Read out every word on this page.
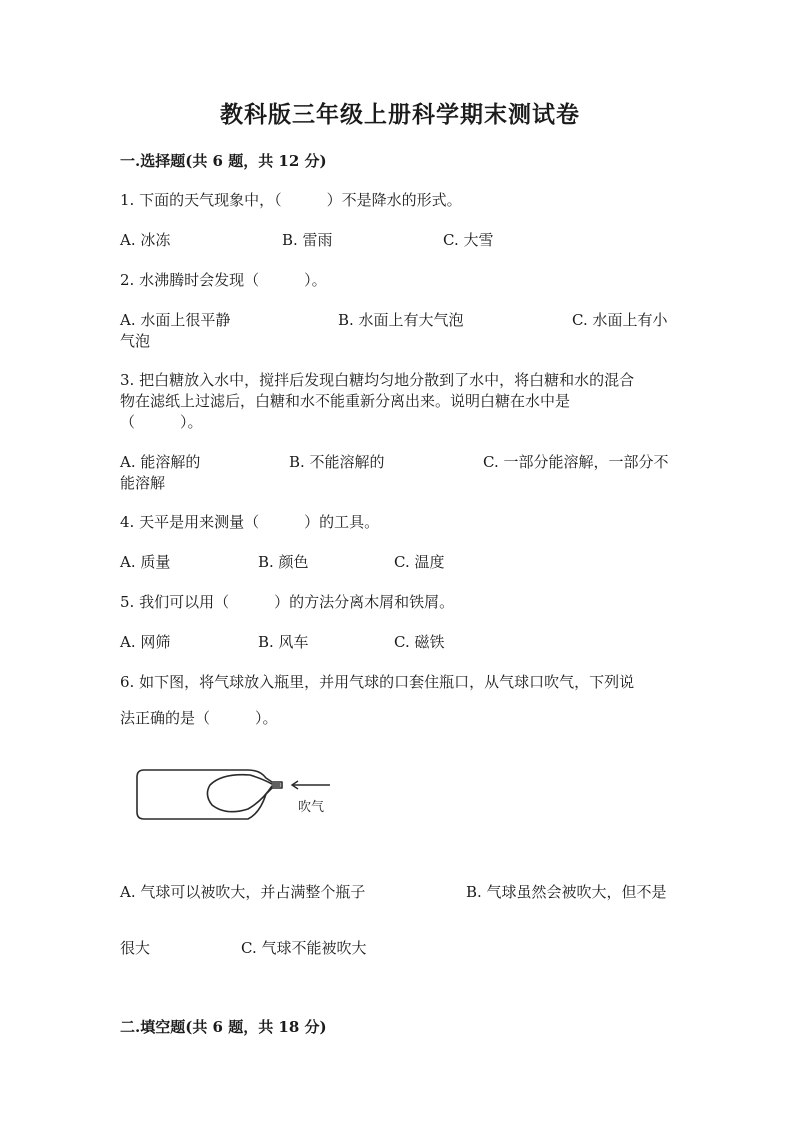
教科版三年级上册科学期末测试卷
一.选择题(共 6 题，共 12 分)
1. 下面的天气现象中，（　　　）不是降水的形式。
A. 冰冻	B. 雷雨	C. 大雪
2. 水沸腾时会发现（　　　）。
A. 水面上很平静	B. 水面上有大气泡	C. 水面上有小
气泡
3. 把白糖放入水中，搅拌后发现白糖均匀地分散到了水中，将白糖和水的混合
物在滤纸上过滤后，白糖和水不能重新分离出来。说明白糖在水中是
（　　　）。
A. 能溶解的	B. 不能溶解的	C. 一部分能溶解，一部分不
能溶解
4. 天平是用来测量（　　　）的工具。
A. 质量	B. 颜色	C. 温度
5. 我们可以用（　　　）的方法分离木屑和铁屑。
A. 网筛	B. 风车	C. 磁铁
6. 如下图，将气球放入瓶里，并用气球的口套住瓶口，从气球口吹气，下列说
法正确的是（　　　）。
吹气
A. 气球可以被吹大，并占满整个瓶子	B. 气球虽然会被吹大，但不是
很大	C. 气球不能被吹大
二.填空题(共 6 题，共 18 分)
